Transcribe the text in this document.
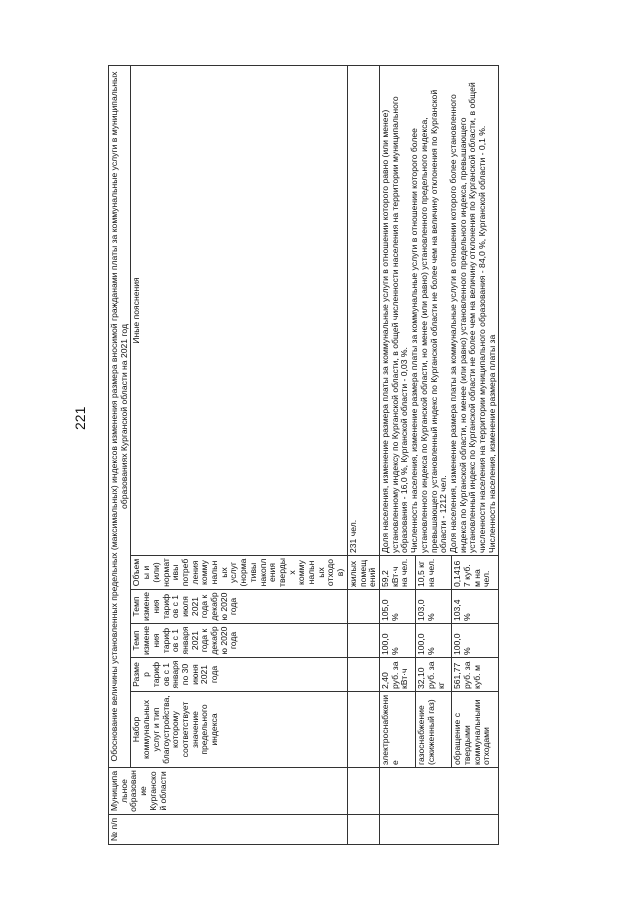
221
№ п/п	Муниципальное образование Курганской области	Обоснование величины установленных предельных (максимальных) индексов изменения размера вносимой гражданами платы за коммунальные услуги в муниципальных образованиях Курганской области на 2021 год					
		Набор коммунальных услуг и тип благоустройства, которому соответствует значение предельного индекса	Размер тарифов с 1 января по 30 июня 2021 года	Темп изменения тарифов с 1 января 2021 года к декабрю 2020 года	Темп изменения тарифов с 1 июля 2021 года к декабрю 2020 года	Объемы и (или) нормативы потребления коммунальных услуг (нормативы накопления твердых коммунальных отходов)	Иные пояснения
						жилых помещений	231 чел.
		электроснабжение	2,40 руб. за кВт·ч	100,0 %	105,0 %	59,2 кВт·ч на чел.	Доля населения, изменение размера платы за коммунальные услуги в отношении которого равно (или менее) установленному индексу по Курганской области, в общей численности населения на территории муниципального образования - 16,0 %, Курганской области - 0,03 %.
Численность населения, изменение размера платы за коммунальные услуги в отношении которого более установленного индекса по Курганской области, но менее (или равно) установленного предельного индекса, превышающего установленный индекс по Курганской области не более чем на величину отклонения по Курганской области - 1212 чел.
Доля населения, изменение размера платы за коммунальные услуги в отношении которого более установленного индекса по Курганской области, но менее (или равно) установленного предельного индекса, превышающего установленный индекс по Курганской области не более чем на величину отклонения по Курганской области, в общей численности населения на территории муниципального образования - 84,0 %, Курганской области - 0,1 %.
Численность населения, изменение размера платы за
		газоснабжение (сжиженный газ)	32,10 руб. за кг	100,0 %	103,0 %	10,5 кг на чел.	
		обращение с твердыми коммунальными отходами	561,77 руб. за куб. м	100,0 %	103,4 %	0,14167 куб. м на чел.	
